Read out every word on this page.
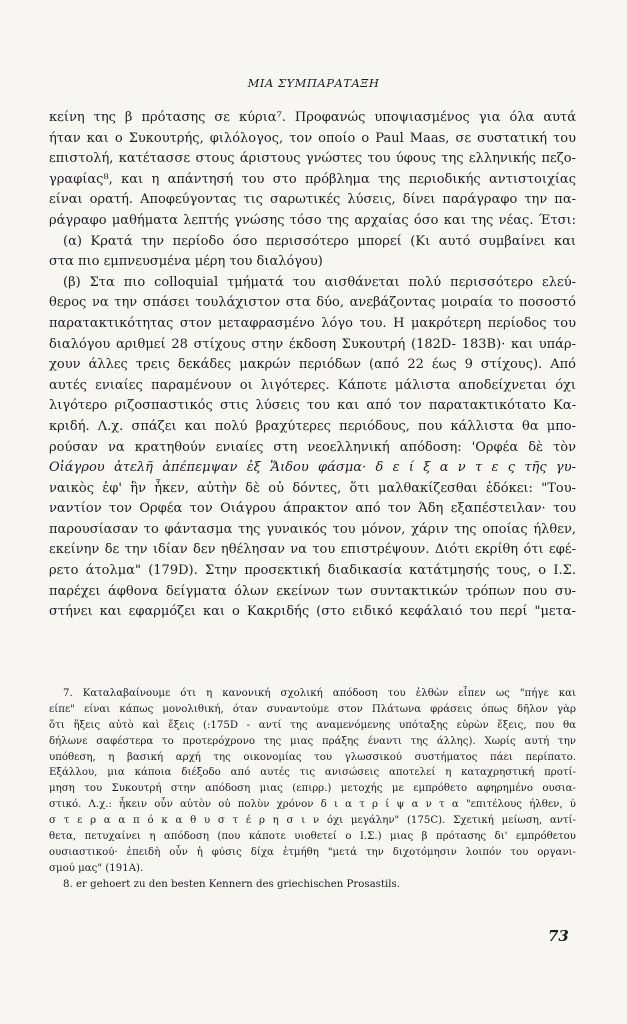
ΜΙΑ ΣΥΜΠΑΡΑΤΑΞΗ
κείνη της β πρότασης σε κύρια⁷. Προφανώς υποψιασμένος για όλα αυτά
ήταν και ο Συκουτρής, φιλόλογος, τον οποίο ο Paul Maas, σε συστατική του
επιστολή, κατέτασσε στους άριστους γνώστες του ύφους της ελληνικής πεζο-
γραφίας⁸, και η απάντησή του στο πρόβλημα της περιοδικής αντιστοιχίας
είναι ορατή. Αποφεύγοντας τις σαρωτικές λύσεις, δίνει παράγραφο την πα-
ράγραφο μαθήματα λεπτής γνώσης τόσο της αρχαίας όσο και της νέας. Έτσι:
(α) Κρατά την περίοδο όσο περισσότερο μπορεί (Κι αυτό συμβαίνει και
στα πιο εμπνευσμένα μέρη του διαλόγου)
(β) Στα πιο colloquial τμήματά του αισθάνεται πολύ περισσότερο ελεύ-
θερος να την σπάσει τουλάχιστον στα δύο, ανεβάζοντας μοιραία το ποσοστό
παρατακτικότητας στον μεταφρασμένο λόγο του. Η μακρότερη περίοδος του
διαλόγου αριθμεί 28 στίχους στην έκδοση Συκουτρή (182D- 183B)· και υπάρ-
χουν άλλες τρεις δεκάδες μακρών περιόδων (από 22 έως 9 στίχους). Από
αυτές ενιαίες παραμένουν οι λιγότερες. Κάποτε μάλιστα αποδείχνεται όχι
λιγότερο ριζοσπαστικός στις λύσεις του και από τον παρατακτικότατο Κα-
κριδή. Λ.χ. σπάζει και πολύ βραχύτερες περιόδους, που κάλλιστα θα μπο-
ρούσαν να κρατηθούν ενιαίες στη νεοελληνική απόδοση: 'Ορφέα δὲ τὸν
Οἰάγρου ἀτελῆ ἀπέπεμψαν ἐξ Ἅιδου φάσμα· δ ε ί ξ α ν τ ε ς τῆς γυ-
ναικὸς ἐφ' ἣν ἧκεν, αὐτὴν δὲ οὐ δόντες, ὅτι μαλθακίζεσθαι ἐδόκει: "Του-
ναντίον τον Ορφέα τον Οιάγρου άπρακτον από τον Άδη εξαπέστειλαν· του
παρουσίασαν το φάντασμα της γυναικός του μόνον, χάριν της οποίας ήλθεν,
εκείνην δε την ιδίαν δεν ηθέλησαν να του επιστρέψουν. Διότι εκρίθη ότι εφέ-
ρετο άτολμα" (179D). Στην προσεκτική διαδικασία κατάτμησής τους, ο Ι.Σ.
παρέχει άφθονα δείγματα όλων εκείνων των συντακτικών τρόπων που συ-
στήνει και εφαρμόζει και ο Κακριδής (στο ειδικό κεφάλαιό του περί "μετα-
7. Καταλαβαίνουμε ότι η κανονική σχολική απόδοση του ἐλθὼν εἶπεν ως "πήγε και
είπε" είναι κάπως μονολιθική, όταν συναντούμε στον Πλάτωνα φράσεις όπως δῆλον γὰρ
ὅτι ἥξεις αὐτὸ καὶ ἕξεις (:175D - αντί της αναμενόμενης υπόταξης εὑρὼν ἕξεις, που θα
δήλωνε σαφέστερα το προτερόχρονο της μιας πράξης έναντι της άλλης). Χωρίς αυτή την
υπόθεση, η βασική αρχή της οικονομίας του γλωσσικού συστήματος πάει περίπατο.
Εξάλλου, μια κάποια διέξοδο από αυτές τις ανισώσεις αποτελεί η καταχρηστική προτί-
μηση του Συκουτρή στην απόδοση μιας (επιρρ.) μετοχής με εμπρόθετο αφηρημένο ουσια-
στικό. Λ.χ.: ἧκειν οὖν αὐτὸν οὐ πολὺν χρόνον δ ι α τ ρ ί ψ α ν τ α "επιτέλους ήλθεν, ύ
σ τ ε ρ α α π ό κ α θ υ σ τ έ ρ η σ ι ν όχι μεγάλην" (175C). Σχετική μείωση, αντί-
θετα, πετυχαίνει η απόδοση (που κάποτε υιοθετεί ο Ι.Σ.) μιας β πρότασης δι' εμπρόθετου
ουσιαστικού· ἐπειδὴ οὖν ἡ φύσις δίχα ἐτμήθη "μετά την διχοτόμησιν λοιπόν του οργανι-
σμού μας" (191A).
8. er gehoert zu den besten Kennern des griechischen Prosastils.
73
